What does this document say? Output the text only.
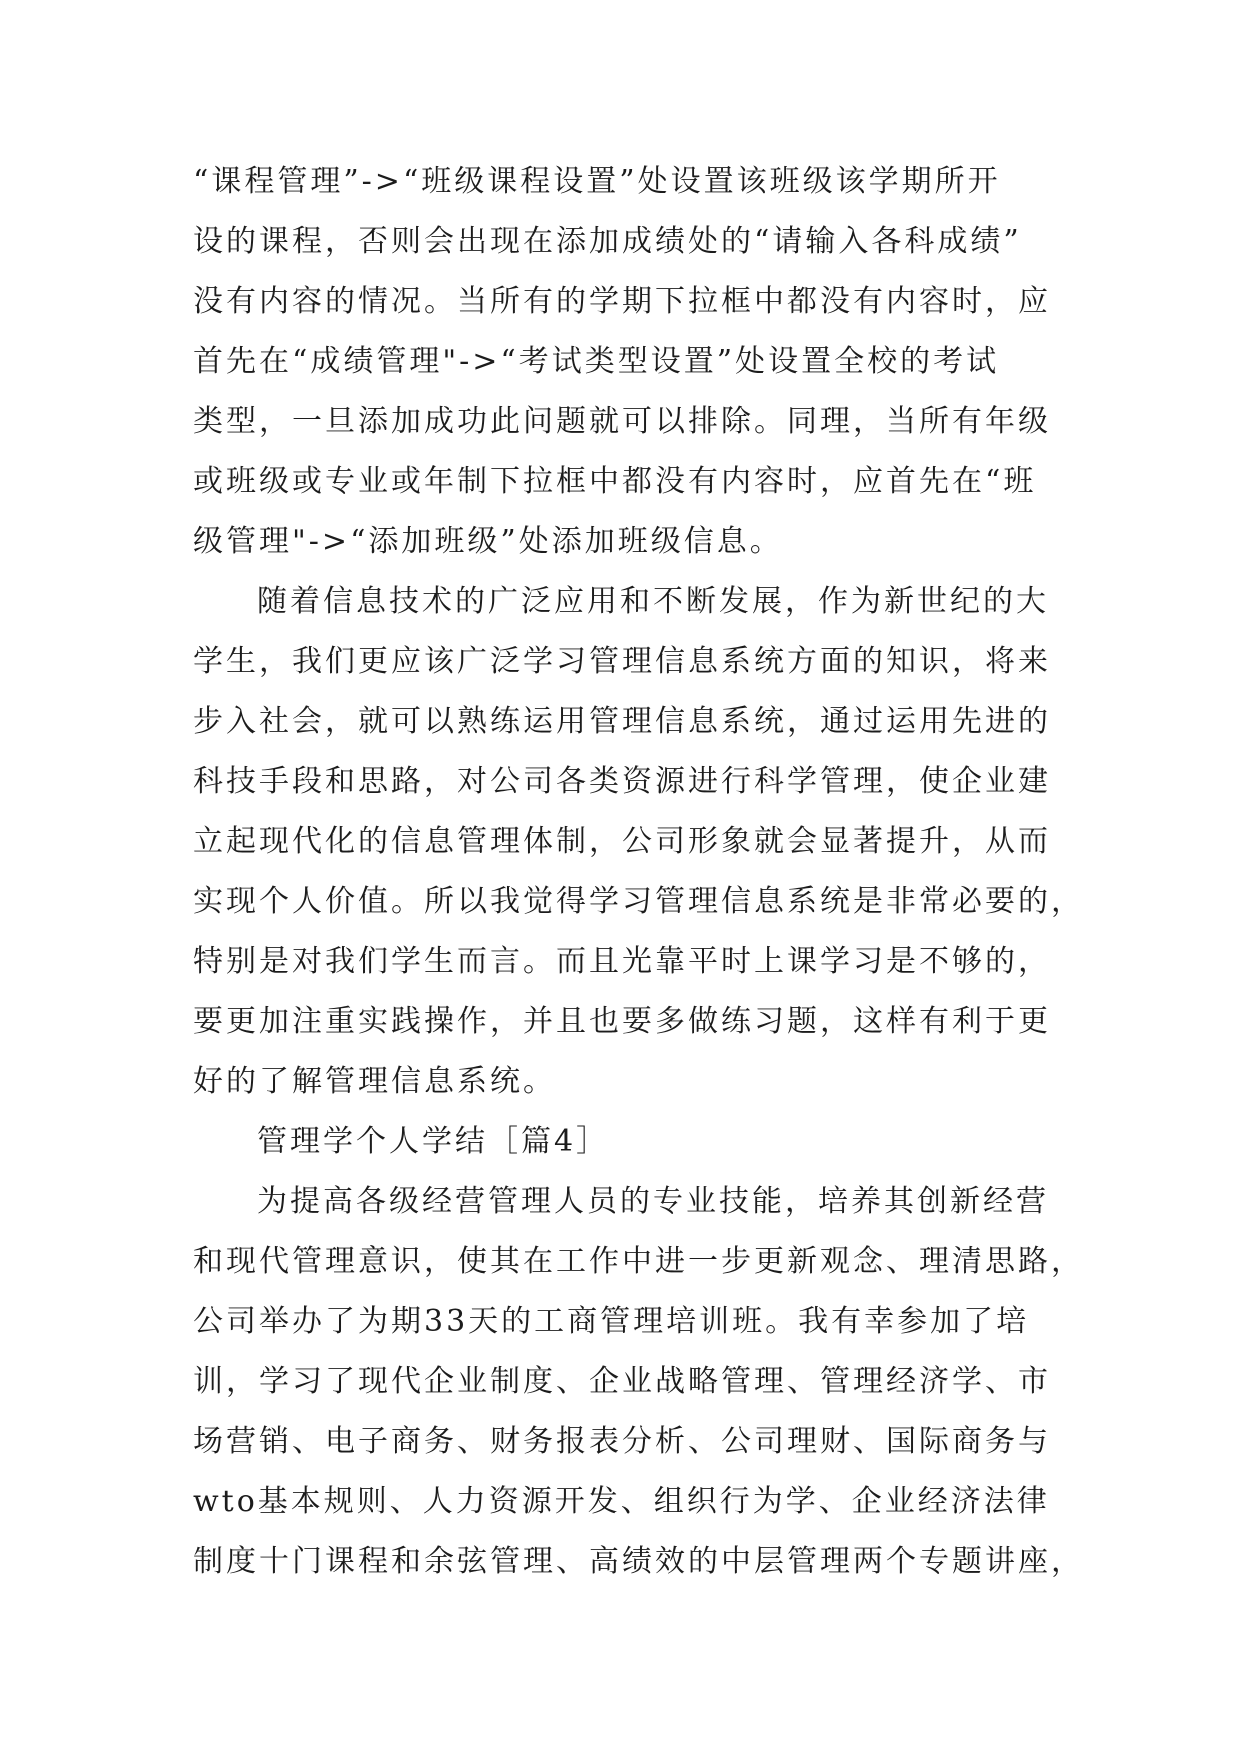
“课程管理”->“班级课程设置”处设置该班级该学期所开
设的课程，否则会出现在添加成绩处的“请输入各科成绩”
没有内容的情况。当所有的学期下拉框中都没有内容时，应
首先在“成绩管理"->“考试类型设置”处设置全校的考试
类型，一旦添加成功此问题就可以排除。同理，当所有年级
或班级或专业或年制下拉框中都没有内容时，应首先在“班
级管理"->“添加班级”处添加班级信息。
随着信息技术的广泛应用和不断发展，作为新世纪的大
学生，我们更应该广泛学习管理信息系统方面的知识，将来
步入社会，就可以熟练运用管理信息系统，通过运用先进的
科技手段和思路，对公司各类资源进行科学管理，使企业建
立起现代化的信息管理体制，公司形象就会显著提升，从而
实现个人价值。所以我觉得学习管理信息系统是非常必要的，
特别是对我们学生而言。而且光靠平时上课学习是不够的，
要更加注重实践操作，并且也要多做练习题，这样有利于更
好的了解管理信息系统。
管理学个人学结［篇4］
为提高各级经营管理人员的专业技能，培养其创新经营
和现代管理意识，使其在工作中进一步更新观念、理清思路，
公司举办了为期33天的工商管理培训班。我有幸参加了培
训，学习了现代企业制度、企业战略管理、管理经济学、市
场营销、电子商务、财务报表分析、公司理财、国际商务与
wto基本规则、人力资源开发、组织行为学、企业经济法律
制度十门课程和余弦管理、高绩效的中层管理两个专题讲座，
